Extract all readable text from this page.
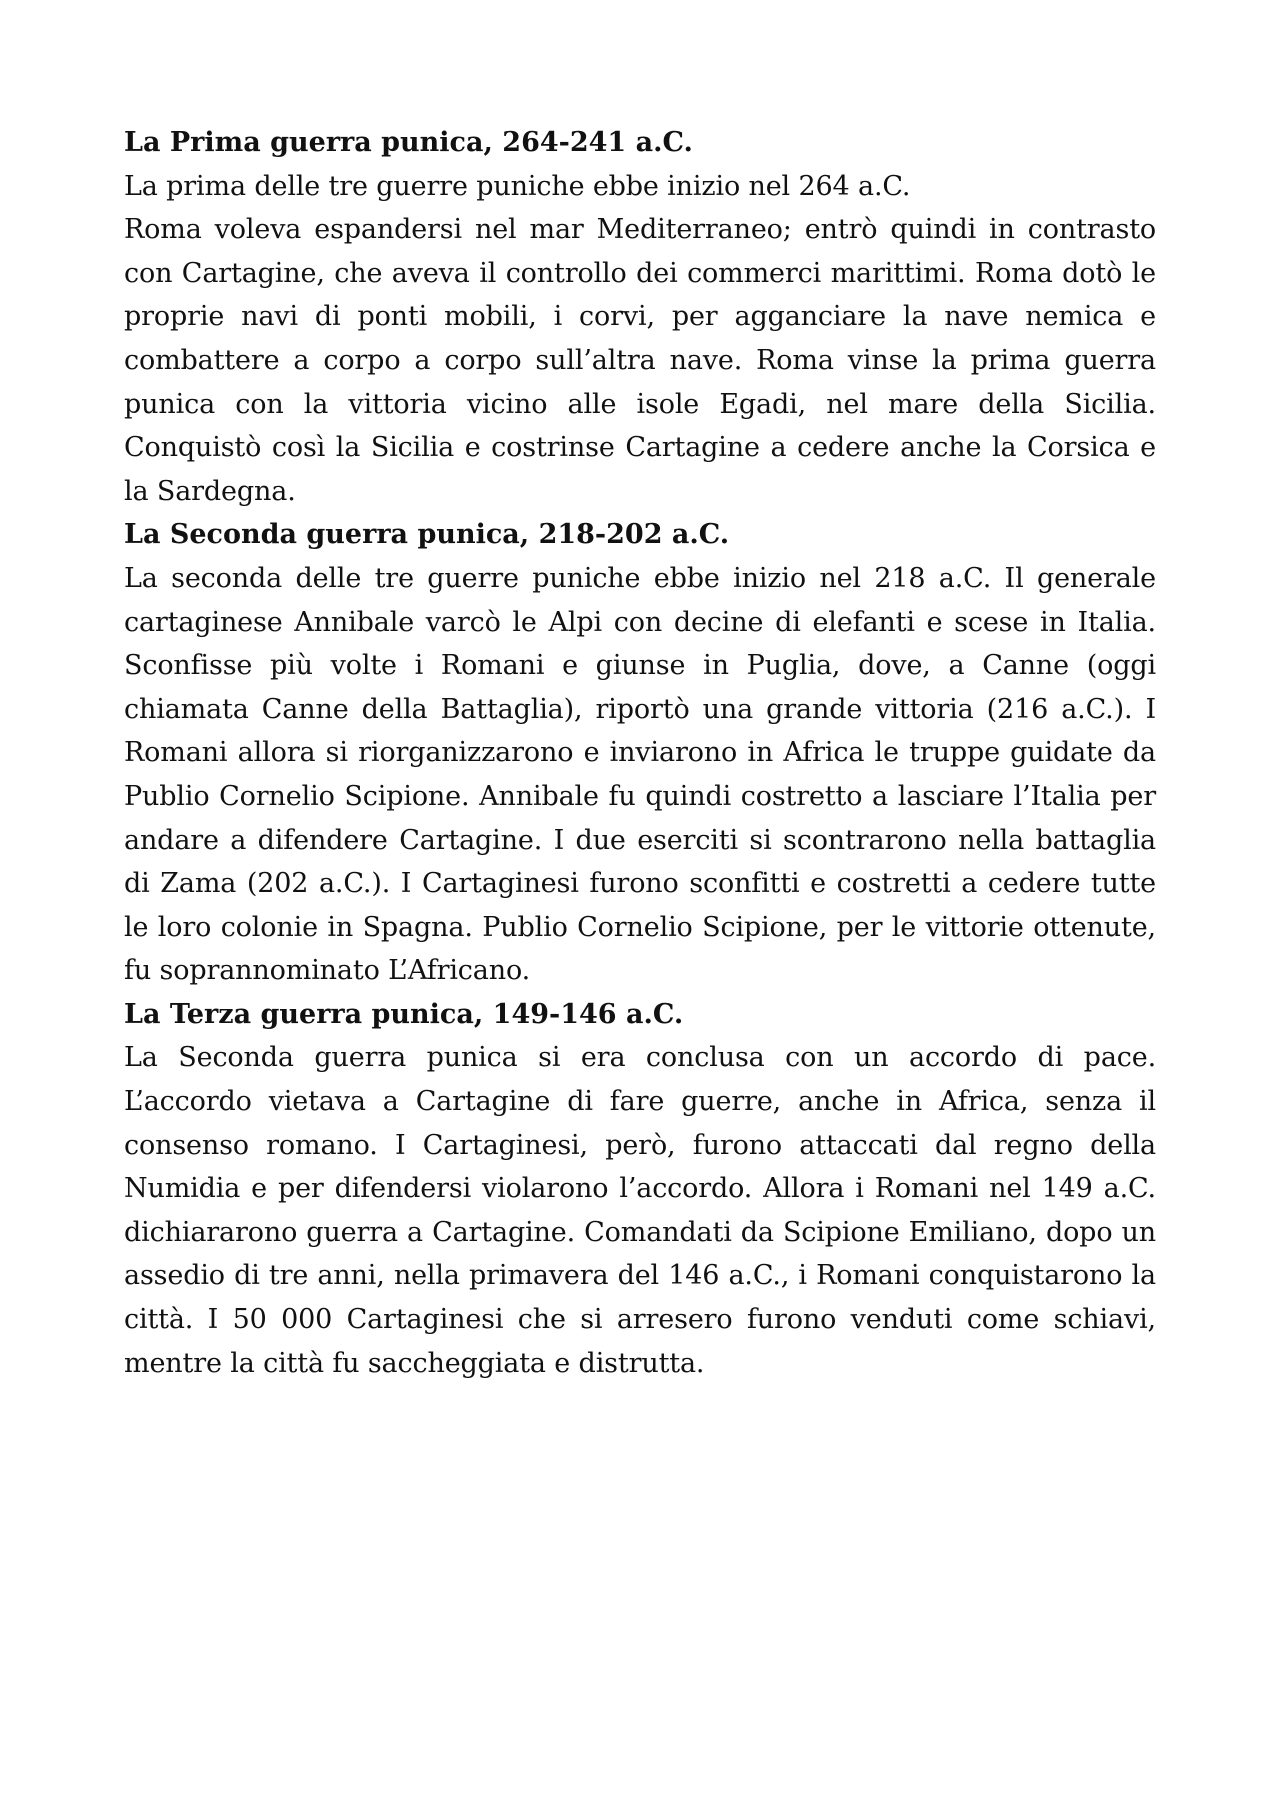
La Prima guerra punica, 264-241 a.C.

La prima delle tre guerre puniche ebbe inizio nel 264 a.C.

Roma voleva espandersi nel mar Mediterraneo; entrò quindi in contrasto con Cartagine, che aveva il controllo dei commerci marittimi. Roma dotò le proprie navi di ponti mobili, i corvi, per agganciare la nave nemica e combattere a corpo a corpo sull’altra nave. Roma vinse la prima guerra punica con la vittoria vicino alle isole Egadi, nel mare della Sicilia. Conquistò così la Sicilia e costrinse Cartagine a cedere anche la Corsica e la Sardegna.

La Seconda guerra punica, 218-202 a.C.

La seconda delle tre guerre puniche ebbe inizio nel 218 a.C. Il generale cartaginese Annibale varcò le Alpi con decine di elefanti e scese in Italia. Sconfisse più volte i Romani e giunse in Puglia, dove, a Canne (oggi chiamata Canne della Battaglia), riportò una grande vittoria (216 a.C.). I Romani allora si riorganizzarono e inviarono in Africa le truppe guidate da Publio Cornelio Scipione. Annibale fu quindi costretto a lasciare l’Italia per andare a difendere Cartagine. I due eserciti si scontrarono nella battaglia di Zama (202 a.C.). I Cartaginesi furono sconfitti e costretti a cedere tutte le loro colonie in Spagna. Publio Cornelio Scipione, per le vittorie ottenute, fu soprannominato L’Africano.

La Terza guerra punica, 149-146 a.C.

La Seconda guerra punica si era conclusa con un accordo di pace. L’accordo vietava a Cartagine di fare guerre, anche in Africa, senza il consenso romano. I Cartaginesi, però, furono attaccati dal regno della Numidia e per difendersi violarono l’accordo. Allora i Romani nel 149 a.C. dichiararono guerra a Cartagine. Comandati da Scipione Emiliano, dopo un assedio di tre anni, nella primavera del 146 a.C., i Romani conquistarono la città. I 50 000 Cartaginesi che si arresero furono venduti come schiavi, mentre la città fu saccheggiata e distrutta.
